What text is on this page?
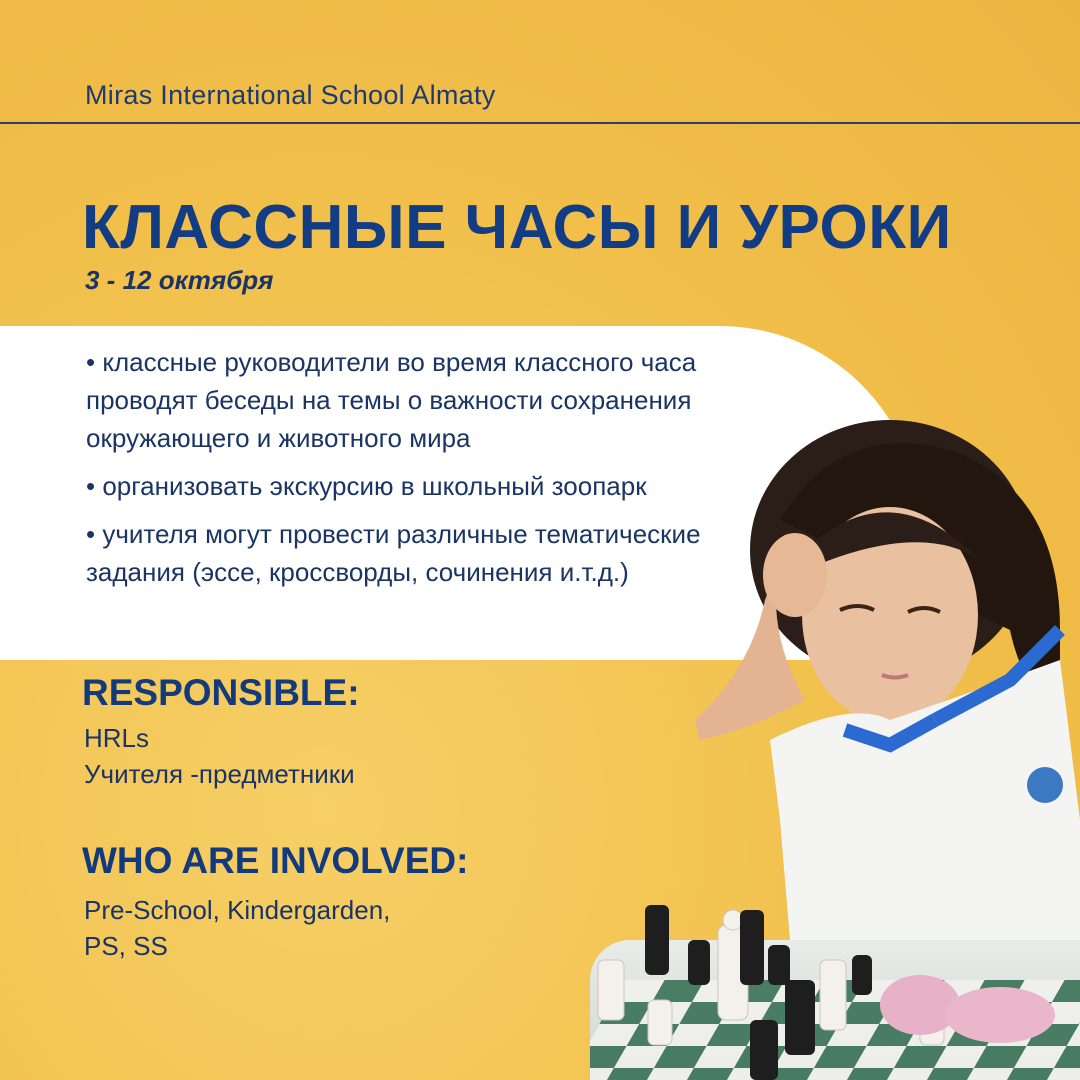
Miras International School Almaty
КЛАССНЫЕ ЧАСЫ И УРОКИ
3 - 12 октября
• классные руководители во время классного часа проводят беседы на темы о важности сохранения окружающего и животного мира
• организовать экскурсию в школьный зоопарк
• учителя могут провести различные тематические задания (эссе, кроссворды, сочинения и.т.д.)
RESPONSIBLE:
HRLs
Учителя -предметники
WHO ARE INVOLVED:
Pre-School, Kindergarden,
PS, SS
